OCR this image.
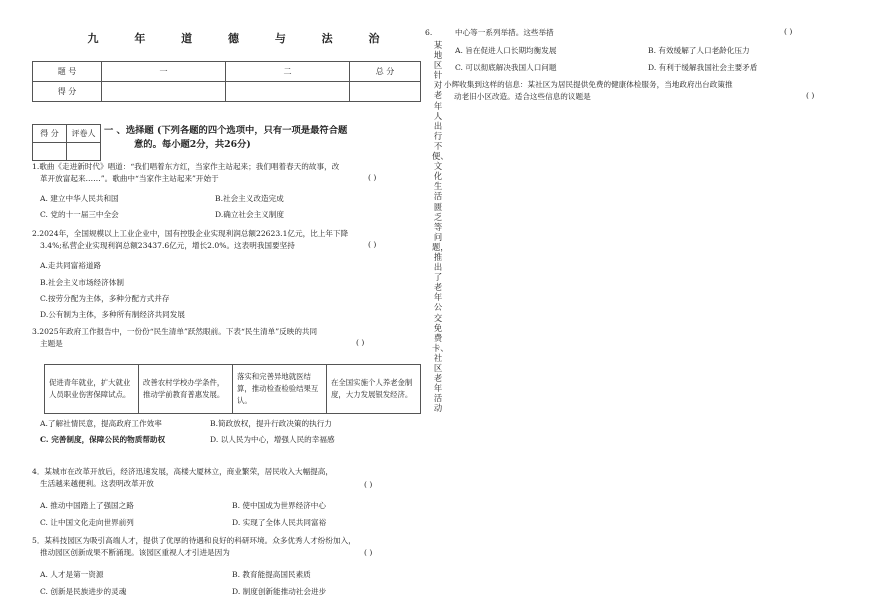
九 年 道 德 与 法 治
题 号	一	二	总 分
得 分			
得 分	评卷人
	一 、选择题 (下列各题的四个选项中，只有一项是最符合题
意的。每小题2分，共26分)
1.歌曲《走进新时代》唱道：“我们唱着东方红，当家作主站起来；我们唱着春天的故事，改
革开放富起来……”。歌曲中“当家作主站起来”开始于	( )
A. 建立中华人民共和国	B.社会主义改造完成
C. 党的十一届三中全会	D.确立社会主义制度
2.2024年，全国规模以上工业企业中，国有控股企业实现利润总额22623.1亿元，比上年下降
3.4%;私营企业实现利润总额23437.6亿元，增长2.0%。这表明我国要坚持	( )
A.走共同富裕道路
B.社会主义市场经济体制
C.按劳分配为主体，多种分配方式并存
D.公有制为主体，多种所有制经济共同发展
3.2025年政府工作报告中，一份份“民生清单”跃然眼前。下表“民生清单”反映的共同
主题是	( )
促进青年就业，扩大就业人员职业伤害保障试点。	改善农村学校办学条件，推动学前教育普惠发展。	落实和完善异地就医结算，推动检查检验结果互认。	在全国实施个人养老金制度，大力发展银发经济。
A.了解社情民意，提高政府工作效率	B.简政放权，提升行政决策的执行力
C. 完善制度，保障公民的物质帮助权	D. 以人民为中心，增强人民的幸福感
4．某城市在改革开放后，经济迅速发展，高楼大厦林立，商业繁荣，居民收入大幅提高，
生活越来越便利。这表明改革开放	( )
A. 推动中国踏上了强国之路	B. 使中国成为世界经济中心
C. 让中国文化走向世界前列	D. 实现了全体人民共同富裕
5．某科技园区为吸引高端人才，提供了优厚的待遇和良好的科研环境。众多优秀人才纷纷加入，
推动园区创新成果不断涌现。该园区重视人才引进是因为	( )
A. 人才是第一资源	B. 教育能提高国民素质
C. 创新是民族进步的灵魂	D. 制度创新能推动社会进步
6.
某地区针对老年人出行不便、文化生活匮乏等问题，推出了老年公交免费卡、社区老年活动
中心等一系列举措。这些举措	( )
A. 旨在促进人口长期均衡发展	B. 有效缓解了人口老龄化压力
C. 可以彻底解决我国人口问题	D. 有利于缓解我国社会主要矛盾
小辉收集到这样的信息：某社区为居民提供免费的健康体检服务，当地政府出台政策推
动老旧小区改造。适合这些信息的议题是	( )
